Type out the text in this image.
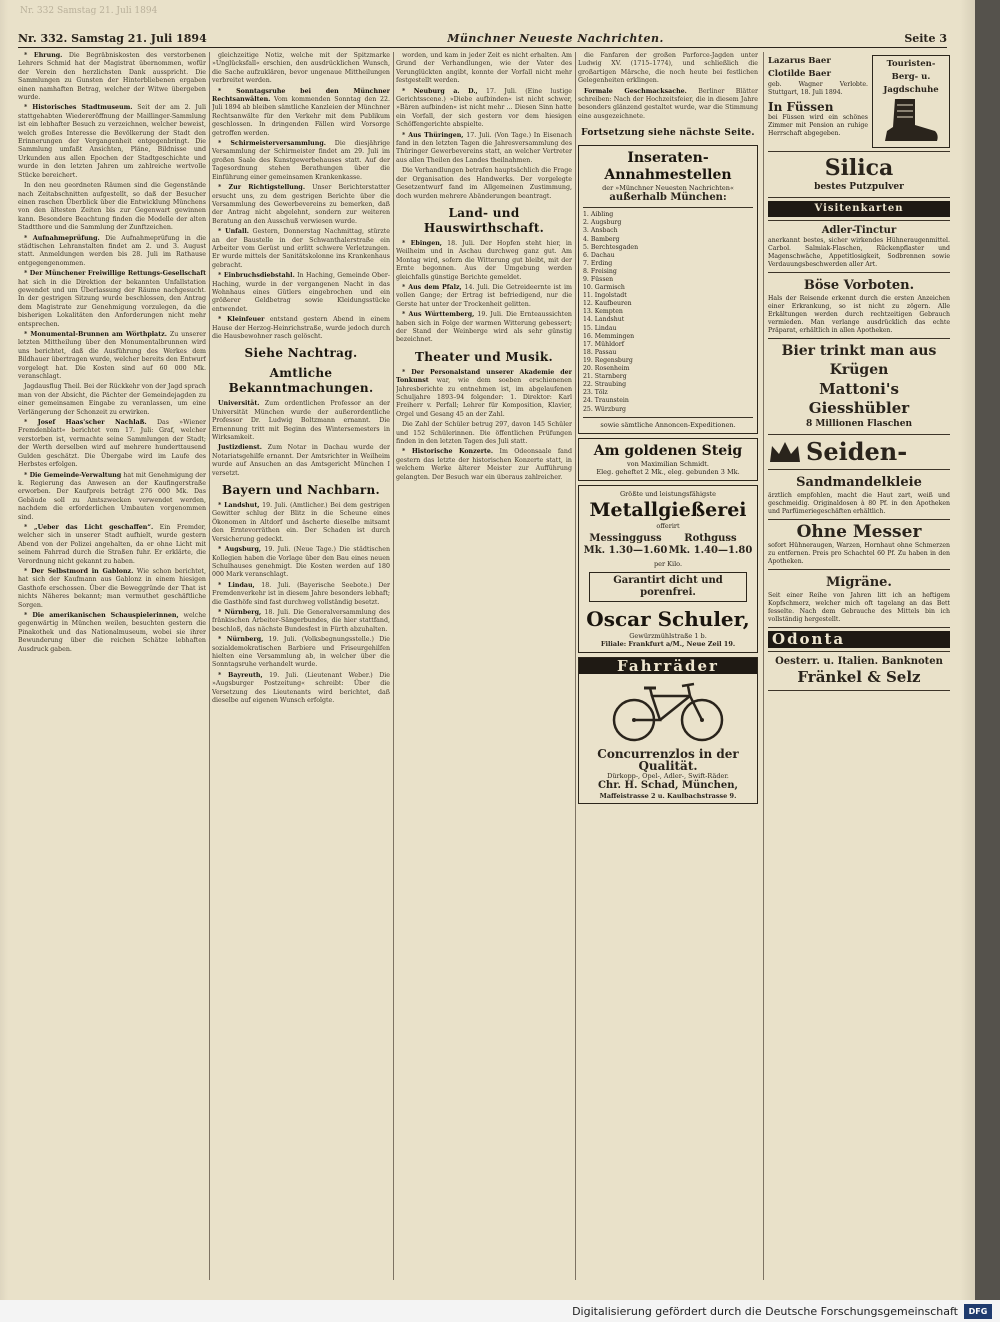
Nr. 332 Samstag 21. Juli 1894
Nr. 332. Samstag 21. Juli 1894	Münchner Neueste Nachrichten.	Seite 3

* Ehrung. Die Begräbniskosten des verstorbenen Lehrers Schmid hat der Magistrat übernommen, wofür der Verein den herzlichsten Dank ausspricht. Die Sammlungen zu Gunsten der Hinterbliebenen ergaben einen namhaften Betrag, welcher der Witwe übergeben wurde.

* Historisches Stadtmuseum. Seit der am 2. Juli stattgehabten Wiedereröffnung der Maillinger-Sammlung ist ein lebhafter Besuch zu verzeichnen, welcher beweist, welch großes Interesse die Bevölkerung der Stadt den Erinnerungen der Vergangenheit entgegenbringt. Die Sammlung umfaßt Ansichten, Pläne, Bildnisse und Urkunden aus allen Epochen der Stadtgeschichte und wurde in den letzten Jahren um zahlreiche wertvolle Stücke bereichert.

In den neu geordneten Räumen sind die Gegenstände nach Zeitabschnitten aufgestellt, so daß der Besucher einen raschen Überblick über die Entwicklung Münchens von den ältesten Zeiten bis zur Gegenwart gewinnen kann. Besondere Beachtung finden die Modelle der alten Stadtthore und die Sammlung der Zunftzeichen.

* Aufnahmeprüfung. Die Aufnahmeprüfung in die städtischen Lehranstalten findet am 2. und 3. August statt. Anmeldungen werden bis 28. Juli im Rathause entgegengenommen.

* Der Münchener Freiwillige Rettungs-Gesellschaft hat sich in die Direktion der bekannten Unfallstation gewendet und um Überlassung der Räume nachgesucht. In der gestrigen Sitzung wurde beschlossen, den Antrag dem Magistrate zur Genehmigung vorzulegen, da die bisherigen Lokalitäten den Anforderungen nicht mehr entsprechen.

* Monumental-Brunnen am Wörthplatz. Zu unserer letzten Mittheilung über den Monumentalbrunnen wird uns berichtet, daß die Ausführung des Werkes dem Bildhauer übertragen wurde, welcher bereits den Entwurf vorgelegt hat. Die Kosten sind auf 60 000 Mk. veranschlagt.

Jagdausflug Theil. Bei der Rückkehr von der Jagd sprach man von der Absicht, die Pächter der Gemeindejagden zu einer gemeinsamen Eingabe zu veranlassen, um eine Verlängerung der Schonzeit zu erwirken.

* Josef Haas'scher Nachlaß. Das »Wiener Fremdenblatt« berichtet vom 17. Juli: Graf, welcher verstorben ist, vermachte seine Sammlungen der Stadt; der Werth derselben wird auf mehrere hunderttausend Gulden geschätzt. Die Übergabe wird im Laufe des Herbstes erfolgen.

* Die Gemeinde-Verwaltung hat mit Genehmigung der k. Regierung das Anwesen an der Kaufingerstraße erworben. Der Kaufpreis beträgt 276 000 Mk. Das Gebäude soll zu Amtszwecken verwendet werden, nachdem die erforderlichen Umbauten vorgenommen sind.

* „Ueber das Licht geschaffen“. Ein Fremder, welcher sich in unserer Stadt aufhielt, wurde gestern Abend von der Polizei angehalten, da er ohne Licht mit seinem Fahrrad durch die Straßen fuhr. Er erklärte, die Verordnung nicht gekannt zu haben.

* Der Selbstmord in Gablonz. Wie schon berichtet, hat sich der Kaufmann aus Gablonz in einem hiesigen Gasthofe erschossen. Über die Beweggründe der That ist nichts Näheres bekannt; man vermuthet geschäftliche Sorgen.

* Die amerikanischen Schauspielerinnen, welche gegenwärtig in München weilen, besuchten gestern die Pinakothek und das Nationalmuseum, wobei sie ihrer Bewunderung über die reichen Schätze lebhaften Ausdruck gaben.

gleichzeitige Notiz, welche mit der Spitzmarke »Unglücksfall« erschien, den ausdrücklichen Wunsch, die Sache aufzuklären, bevor ungenaue Mittheilungen verbreitet werden.

* Sonntagsruhe bei den Münchner Rechtsanwälten. Vom kommenden Sonntag den 22. Juli 1894 ab bleiben sämtliche Kanzleien der Münchner Rechtsanwälte für den Verkehr mit dem Publikum geschlossen. In dringenden Fällen wird Vorsorge getroffen werden.

* Schirmeisterversammlung. Die diesjährige Versammlung der Schirmeister findet am 29. Juli im großen Saale des Kunstgewerbehauses statt. Auf der Tagesordnung stehen Berathungen über die Einführung einer gemeinsamen Krankenkasse.

* Zur Richtigstellung. Unser Berichterstatter ersucht uns, zu dem gestrigen Berichte über die Versammlung des Gewerbevereins zu bemerken, daß der Antrag nicht abgelehnt, sondern zur weiteren Beratung an den Ausschuß verwiesen wurde.

* Unfall. Gestern, Donnerstag Nachmittag, stürzte an der Baustelle in der Schwanthalerstraße ein Arbeiter vom Gerüst und erlitt schwere Verletzungen. Er wurde mittels der Sanitätskolonne ins Krankenhaus gebracht.

* Einbruchsdiebstahl. In Haching, Gemeinde Ober-Haching, wurde in der vergangenen Nacht in das Wohnhaus eines Gütlers eingebrochen und ein größerer Geldbetrag sowie Kleidungsstücke entwendet.

* Kleinfeuer entstand gestern Abend in einem Hause der Herzog-Heinrichstraße, wurde jedoch durch die Hausbewohner rasch gelöscht.

Siehe Nachtrag.
Amtliche Bekanntmachungen.

Universität. Zum ordentlichen Professor an der Universität München wurde der außerordentliche Professor Dr. Ludwig Boltzmann ernannt. Die Ernennung tritt mit Beginn des Wintersemesters in Wirksamkeit.

Justizdienst. Zum Notar in Dachau wurde der Notariatsgehilfe ernannt. Der Amtsrichter in Weilheim wurde auf Ansuchen an das Amtsgericht München I versetzt.

Bayern und Nachbarn.

* Landshut, 19. Juli. (Amtlicher.) Bei dem gestrigen Gewitter schlug der Blitz in die Scheune eines Ökonomen in Altdorf und äscherte dieselbe mitsamt den Erntevorräthen ein. Der Schaden ist durch Versicherung gedeckt.

* Augsburg, 19. Juli. (Neue Tage.) Die städtischen Kollegien haben die Vorlage über den Bau eines neuen Schulhauses genehmigt. Die Kosten werden auf 180 000 Mark veranschlagt.

* Lindau, 18. Juli. (Bayerische Seebote.) Der Fremdenverkehr ist in diesem Jahre besonders lebhaft; die Gasthöfe sind fast durchweg vollständig besetzt.

* Nürnberg, 18. Juli. Die Generalversammlung des fränkischen Arbeiter-Sängerbundes, die hier stattfand, beschloß, das nächste Bundesfest in Fürth abzuhalten.

* Nürnberg, 19. Juli. (Volksbegnungsstelle.) Die sozialdemokratischen Barbiere und Friseurgehilfen hielten eine Versammlung ab, in welcher über die Sonntagsruhe verhandelt wurde.

* Bayreuth, 19. Juli. (Lieutenant Weber.) Die »Augsburger Postzeitung« schreibt: Über die Versetzung des Lieutenants wird berichtet, daß dieselbe auf eigenen Wunsch erfolgte.

worden, und kam in jeder Zeit es nicht erhalten. Am Grund der Verhandlungen, wie der Vater des Verunglückten angibt, konnte der Vorfall nicht mehr festgestellt werden.

* Neuburg a. D., 17. Juli. (Eine lustige Gerichtsscene.) »Diebe aufbinden« ist nicht schwer, »Bären aufbinden« ist nicht mehr ... Diesen Sinn hatte ein Vorfall, der sich gestern vor dem hiesigen Schöffengerichte abspielte.

* Aus Thüringen, 17. Juli. (Von Tage.) In Eisenach fand in den letzten Tagen die Jahresversammlung des Thüringer Gewerbevereins statt, an welcher Vertreter aus allen Theilen des Landes theilnahmen.

Die Verhandlungen betrafen hauptsächlich die Frage der Organisation des Handwerks. Der vorgelegte Gesetzentwurf fand im Allgemeinen Zustimmung, doch wurden mehrere Abänderungen beantragt.

Land- und Hauswirthschaft.

* Ebingen, 18. Juli. Der Hopfen steht hier, in Weilheim und in Aschau durchweg ganz gut. Am Montag wird, sofern die Witterung gut bleibt, mit der Ernte begonnen. Aus der Umgebung werden gleichfalls günstige Berichte gemeldet.

* Aus dem Pfalz, 14. Juli. Die Getreideernte ist im vollen Gange; der Ertrag ist befriedigend, nur die Gerste hat unter der Trockenheit gelitten.

* Aus Württemberg, 19. Juli. Die Ernteaussichten haben sich in Folge der warmen Witterung gebessert; der Stand der Weinberge wird als sehr günstig bezeichnet.

Theater und Musik.

* Der Personalstand unserer Akademie der Tonkunst war, wie dem soeben erschienenen Jahresberichte zu entnehmen ist, im abgelaufenen Schuljahre 1893–94 folgender: 1. Direktor: Karl Freiherr v. Perfall; Lehrer für Komposition, Klavier, Orgel und Gesang 45 an der Zahl.

Die Zahl der Schüler betrug 297, davon 145 Schüler und 152 Schülerinnen. Die öffentlichen Prüfungen finden in den letzten Tagen des Juli statt.

* Historische Konzerte. Im Odeonsaale fand gestern das letzte der historischen Konzerte statt, in welchem Werke älterer Meister zur Aufführung gelangten. Der Besuch war ein überaus zahlreicher.

die Fanfaren der großen Parforce-Jagden unter Ludwig XV. (1715–1774), und schließlich die großartigen Märsche, die noch heute bei festlichen Gelegenheiten erklingen.

Formale Geschmacksache. Berliner Blätter schreiben: Nach der Hochzeitsfeier, die in diesem Jahre besonders glänzend gestaltet wurde, war die Stimmung eine ausgezeichnete.

Fortsetzung siehe nächste Seite.
Inseraten-Annahmestellen
der »Münchner Neuesten Nachrichten«
außerhalb München:
1. Aibling
2. Augsburg
3. Ansbach
4. Bamberg
5. Berchtesgaden
6. Dachau
7. Erding
8. Freising
9. Füssen
10. Garmisch
11. Ingolstadt
12. Kaufbeuren
13. Kempten
14. Landshut
15. Lindau
16. Memmingen
17. Mühldorf
18. Passau
19. Regensburg
20. Rosenheim
21. Starnberg
22. Straubing
23. Tölz
24. Traunstein
25. Würzburg
sowie sämtliche Annoncen-Expeditionen.
Am goldenen Steig
von Maximilian Schmidt.
Eleg. geheftet 2 Mk., eleg. gebunden 3 Mk.
Größte und leistungsfähigste
Metallgießerei
offerirt
Messingguss
Mk. 1.30—1.60
Rothguss
Mk. 1.40—1.80
per Kilo.
Garantirt dicht und porenfrei.
Oscar Schuler,
Gewürzmühlstraße 1 b.
Filiale: Frankfurt a/M., Neue Zeil 19.
Fahrräder
Concurrenzlos in der Qualität.
Dürkopp-, Opel-, Adler-, Swift-Räder.
Chr. H. Schad, München,
Maffeistrasse 2 u. Kaulbachstrasse 9.
Lazarus Baer
Clotilde Baer
geb. Wagner Verlobte. Stuttgart, 18. Juli 1894.
In Füssen
bei Füssen wird ein schönes Zimmer mit Pension an ruhige Herrschaft abgegeben.
Touristen-Berg- u. Jagdschuhe
Silica
bestes Putzpulver
Visitenkarten
Adler-Tinctur
anerkannt bestes, sicher wirkendes Hühneraugenmittel. Carbol. Salmiak-Flaschen, Rückenpflaster und Magenschwäche, Appetitlosigkeit, Sodbrennen sowie Verdauungsbeschwerden aller Art.
Böse Vorboten.
Hals der Reisende erkennt durch die ersten Anzeichen einer Erkrankung, so ist nicht zu zögern. Alle Erkältungen werden durch rechtzeitigen Gebrauch vermieden. Man verlange ausdrücklich das echte Präparat, erhältlich in allen Apotheken.
Bier trinkt man aus Krügen
Mattoni's Giesshübler
8 Millionen Flaschen
Seiden-
Sandmandelkleie
ärztlich empfohlen, macht die Haut zart, weiß und geschmeidig. Originaldosen à 80 Pf. in den Apotheken und Parfümeriegeschäften erhältlich.
Ohne Messer
sofort Hühneraugen, Warzen, Hornhaut ohne Schmerzen zu entfernen. Preis pro Schachtel 60 Pf. Zu haben in den Apotheken.
Migräne.
Seit einer Reihe von Jahren litt ich an heftigem Kopfschmerz, welcher mich oft tagelang an das Bett fesselte. Nach dem Gebrauche des Mittels bin ich vollständig hergestellt.
Odonta
Oesterr. u. Italien. Banknoten
Fränkel & Selz
Digitalisierung gefördert durch die Deutsche Forschungsgemeinschaft	DFG
